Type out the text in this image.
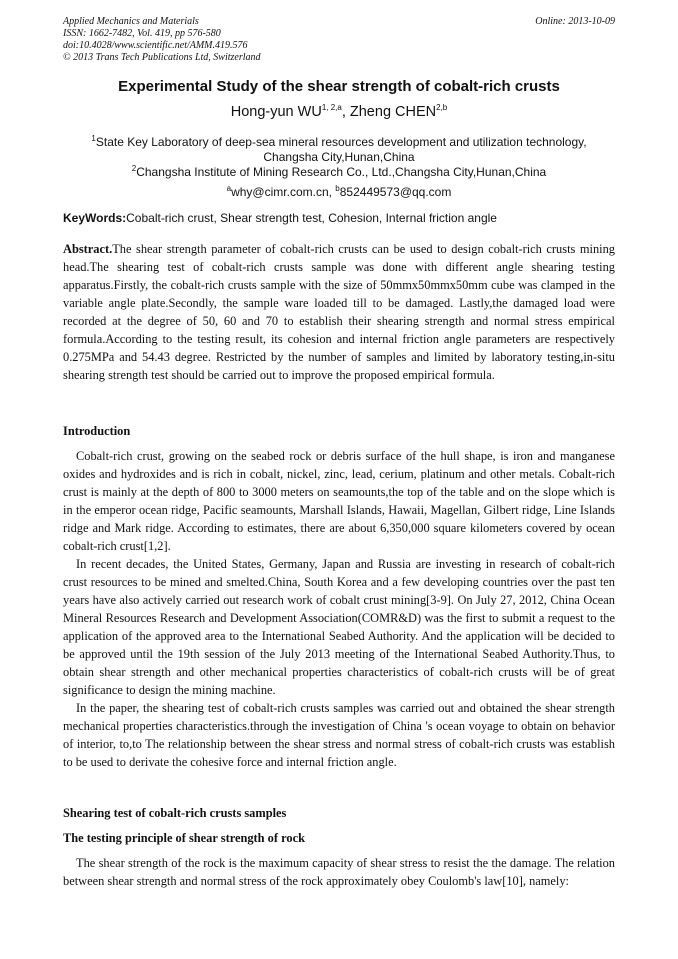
Applied Mechanics and Materials
ISSN: 1662-7482, Vol. 419, pp 576-580
doi:10.4028/www.scientific.net/AMM.419.576
© 2013 Trans Tech Publications Ltd, Switzerland
Online: 2013-10-09
Experimental Study of the shear strength of cobalt-rich crusts
Hong-yun WU$^{1, 2,a}$, Zheng CHEN$^{2,b}$
$^1$State Key Laboratory of deep-sea mineral resources development and utilization technology,
Changsha City,Hunan,China
$^2$Changsha Institute of Mining Research Co., Ltd.,Changsha City,Hunan,China
$^a$why@cimr.com.cn, $^b$852449573@qq.com
KeyWords:Cobalt-rich crust, Shear strength test, Cohesion, Internal friction angle

Abstract.The shear strength parameter of cobalt-rich crusts can be used to design cobalt-rich crusts mining head.The shearing test of cobalt-rich crusts sample was done with different angle shearing testing apparatus.Firstly, the cobalt-rich crusts sample with the size of 50mmx50mmx50mm cube was clamped in the variable angle plate.Secondly, the sample ware loaded till to be damaged. Lastly,the damaged load were recorded at the degree of 50, 60 and 70 to establish their shearing strength and normal stress empirical formula.According to the testing result, its cohesion and internal friction angle parameters are respectively 0.275MPa and 54.43 degree. Restricted by the number of samples and limited by laboratory testing,in-situ shearing strength test should be carried out to improve the proposed empirical formula.

Introduction

Cobalt-rich crust, growing on the seabed rock or debris surface of the hull shape, is iron and manganese oxides and hydroxides and is rich in cobalt, nickel, zinc, lead, cerium, platinum and other metals. Cobalt-rich crust is mainly at the depth of 800 to 3000 meters on seamounts,the top of the table and on the slope which is in the emperor ocean ridge, Pacific seamounts, Marshall Islands, Hawaii, Magellan, Gilbert ridge, Line Islands ridge and Mark ridge. According to estimates, there are about 6,350,000 square kilometers covered by ocean cobalt-rich crust[1,2].

In recent decades, the United States, Germany, Japan and Russia are investing in research of cobalt-rich crust resources to be mined and smelted.China, South Korea and a few developing countries over the past ten years have also actively carried out research work of cobalt crust mining[3-9]. On July 27, 2012, China Ocean Mineral Resources Research and Development Association(COMR&D) was the first to submit a request to the application of the approved area to the International Seabed Authority. And the application will be decided to be approved until the 19th session of the July 2013 meeting of the International Seabed Authority.Thus, to obtain shear strength and other mechanical properties characteristics of cobalt-rich crusts will be of great significance to design the mining machine.

In the paper, the shearing test of cobalt-rich crusts samples was carried out and obtained the shear strength mechanical properties characteristics.through the investigation of China 's ocean voyage to obtain on behavior of interior, to,to The relationship between the shear stress and normal stress of cobalt-rich crusts was establish to be used to derivate the cohesive force and internal friction angle.

Shearing test of cobalt-rich crusts samples
The testing principle of shear strength of rock

The shear strength of the rock is the maximum capacity of shear stress to resist the the damage. The relation between shear strength and normal stress of the rock approximately obey Coulomb's law[10], namely:
